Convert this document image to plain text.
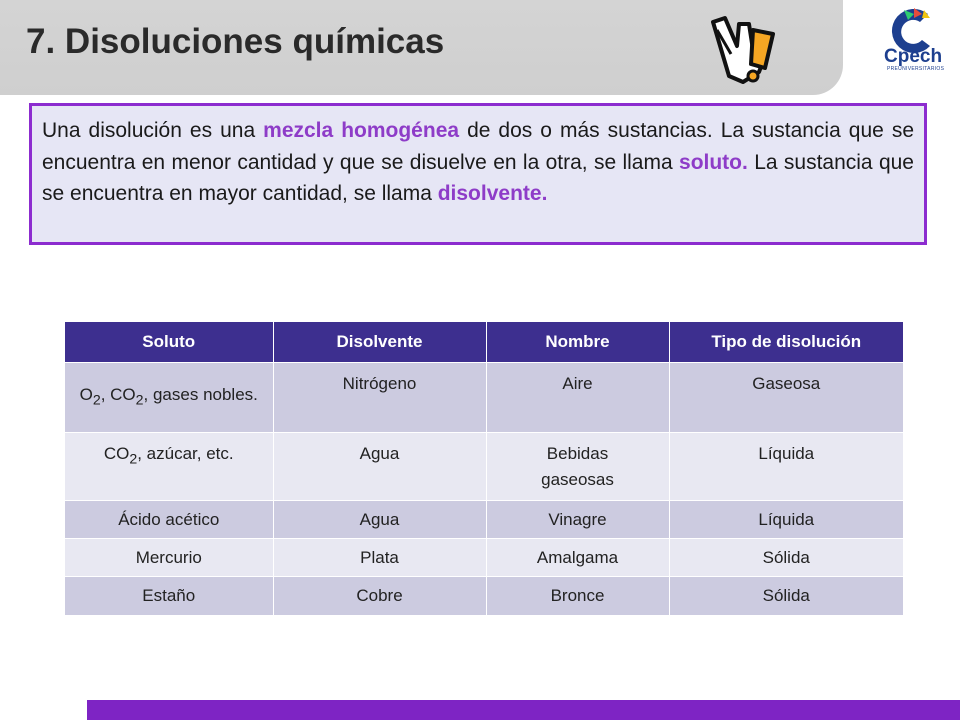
7. Disoluciones químicas	Cpech
PREUNIVERSITARIOS

Una disolución es una mezcla homogénea de dos o más sustancias. La sustancia que se encuentra en menor cantidad y que se disuelve en la otra, se llama soluto. La sustancia que se encuentra en mayor cantidad, se llama disolvente.

Soluto	Disolvente	Nombre	Tipo de disolución
$O_2$, $CO_2$, gases nobles.	Nitrógeno	Aire	Gaseosa
$CO_2$, azúcar, etc.	Agua	Bebidas gaseosas	Líquida
Ácido acético	Agua	Vinagre	Líquida
Mercurio	Plata	Amalgama	Sólida
Estaño	Cobre	Bronce	Sólida
